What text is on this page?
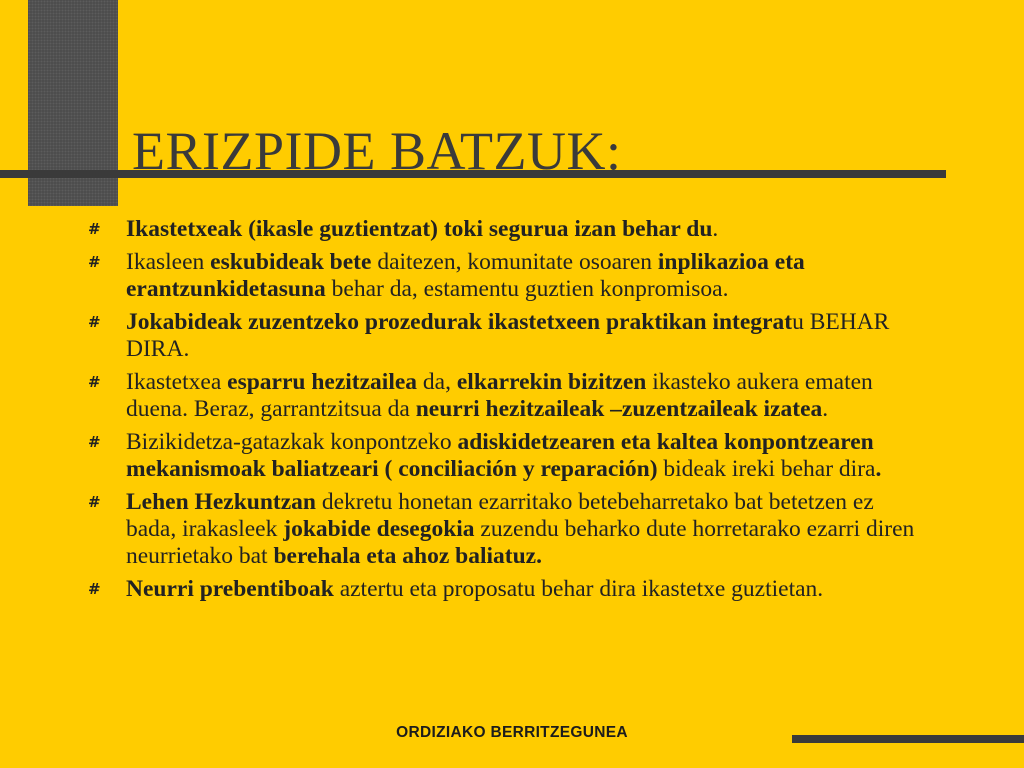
ERIZPIDE BATZUK:
# Ikastetxeak (ikasle guztientzat) toki segurua izan behar du.
# Ikasleen eskubideak bete daitezen, komunitate osoaren inplikazioa eta erantzunkidetasuna behar da, estamentu guztien konpromisoa.
# Jokabideak zuzentzeko prozedurak ikastetxeen praktikan integratu BEHAR DIRA.
# Ikastetxea esparru hezitzailea da, elkarrekin bizitzen ikasteko aukera ematen duena. Beraz, garrantzitsua da neurri hezitzaileak –zuzentzaileak izatea.
# Bizikidetza-gatazkak konpontzeko adiskidetzearen eta kaltea konpontzearen mekanismoak baliatzeari ( conciliación y reparación) bideak ireki behar dira.
# Lehen Hezkuntzan dekretu honetan ezarritako betebeharretako bat betetzen ez bada, irakasleek jokabide desegokia zuzendu beharko dute horretarako ezarri diren neurrietako bat berehala eta ahoz baliatuz.
# Neurri prebentiboak aztertu eta proposatu behar dira ikastetxe guztietan.
ORDIZIAKO BERRITZEGUNEA
